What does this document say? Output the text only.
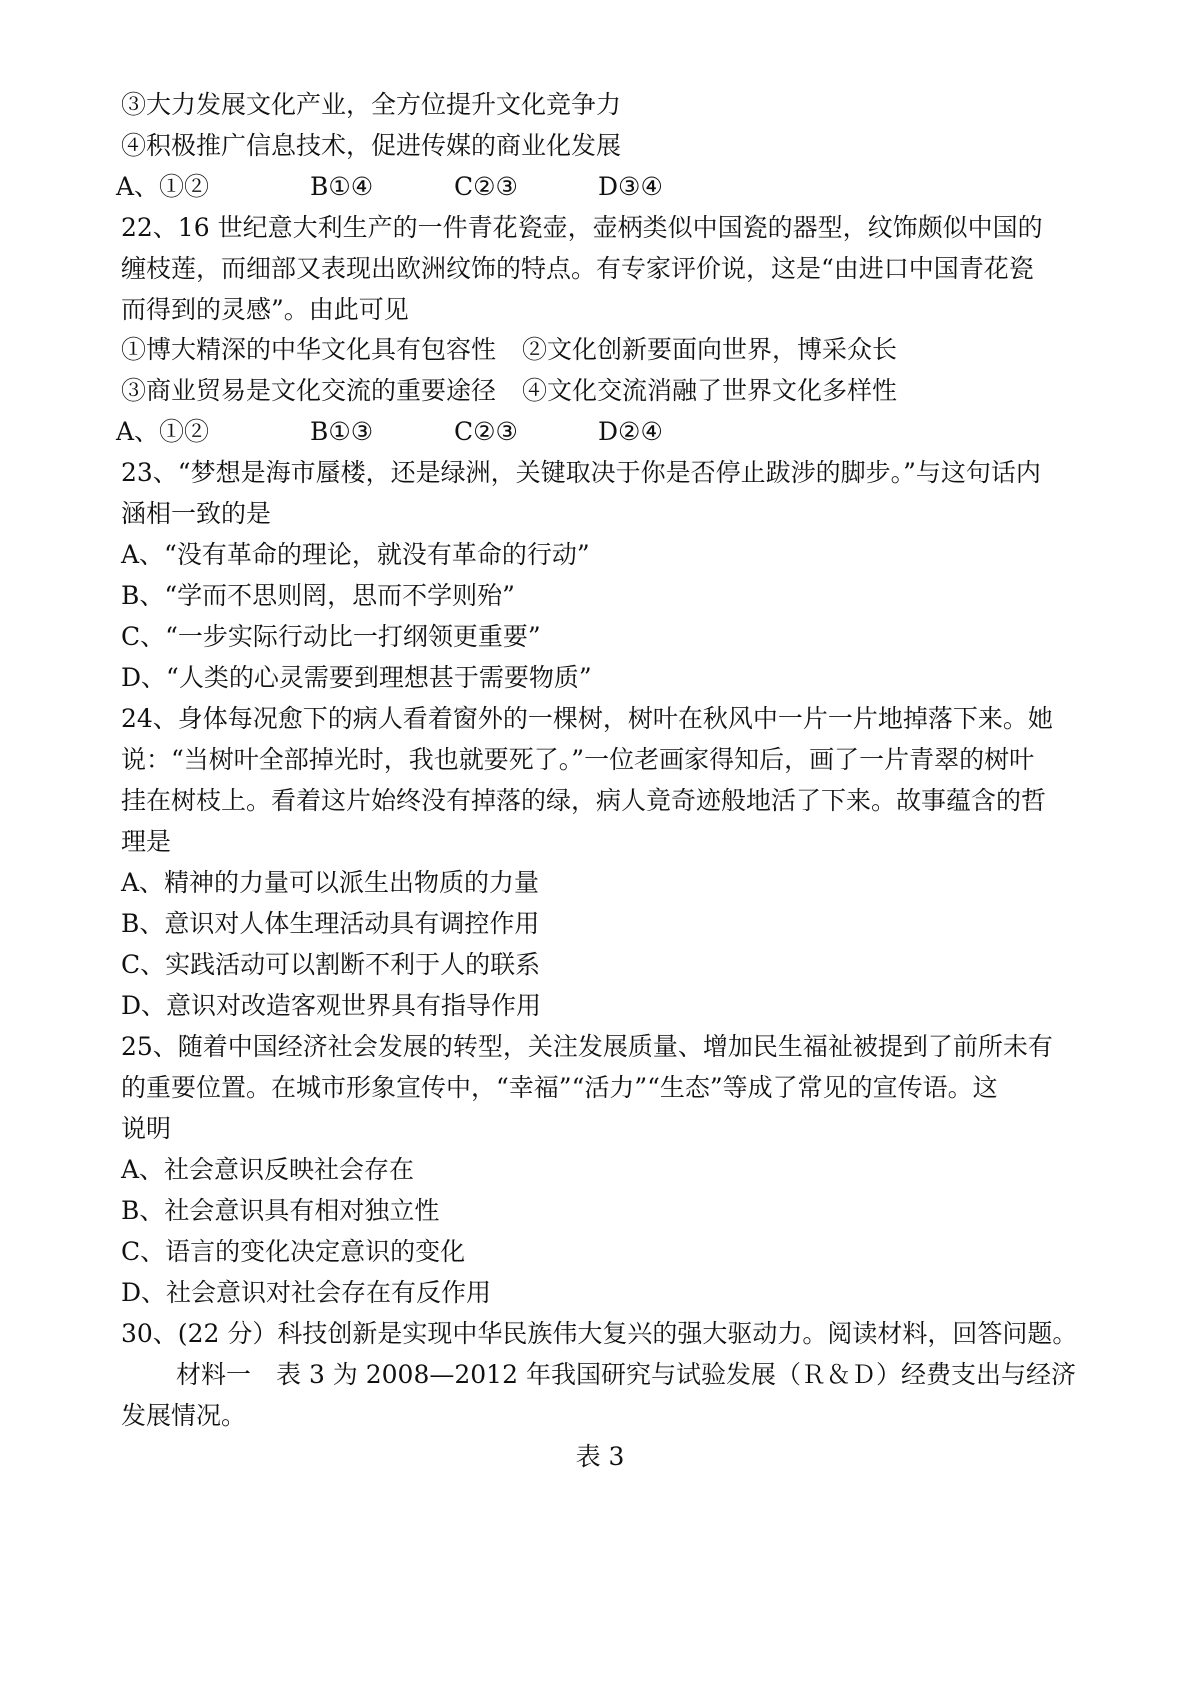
③大力发展文化产业，全方位提升文化竞争力
④积极推广信息技术，促进传媒的商业化发展
A、①②	B①④	C②③	D③④
22、16 世纪意大利生产的一件青花瓷壶，壶柄类似中国瓷的器型，纹饰颇似中国的
缠枝莲，而细部又表现出欧洲纹饰的特点。有专家评价说，这是“由进口中国青花瓷
而得到的灵感”。由此可见
①博大精深的中华文化具有包容性 ②文化创新要面向世界，博采众长
③商业贸易是文化交流的重要途径 ④文化交流消融了世界文化多样性
A、①②	B①③	C②③	D②④
23、“梦想是海市蜃楼，还是绿洲，关键取决于你是否停止跋涉的脚步。”与这句话内
涵相一致的是
A、“没有革命的理论，就没有革命的行动”
B、“学而不思则罔，思而不学则殆”
C、“一步实际行动比一打纲领更重要”
D、“人类的心灵需要到理想甚于需要物质”
24、身体每况愈下的病人看着窗外的一棵树，树叶在秋风中一片一片地掉落下来。她
说：“当树叶全部掉光时，我也就要死了。”一位老画家得知后，画了一片青翠的树叶
挂在树枝上。看着这片始终没有掉落的绿，病人竟奇迹般地活了下来。故事蕴含的哲
理是
A、精神的力量可以派生出物质的力量
B、意识对人体生理活动具有调控作用
C、实践活动可以割断不利于人的联系
D、意识对改造客观世界具有指导作用
25、随着中国经济社会发展的转型，关注发展质量、增加民生福祉被提到了前所未有
的重要位置。在城市形象宣传中，“幸福”“活力”“生态”等成了常见的宣传语。这
说明
A、社会意识反映社会存在
B、社会意识具有相对独立性
C、语言的变化决定意识的变化
D、社会意识对社会存在有反作用
30、(22 分）科技创新是实现中华民族伟大复兴的强大驱动力。阅读材料，回答问题。
材料一　表 3 为 2008—2012 年我国研究与试验发展（Ｒ＆Ｄ）经费支出与经济
发展情况。
表 3
